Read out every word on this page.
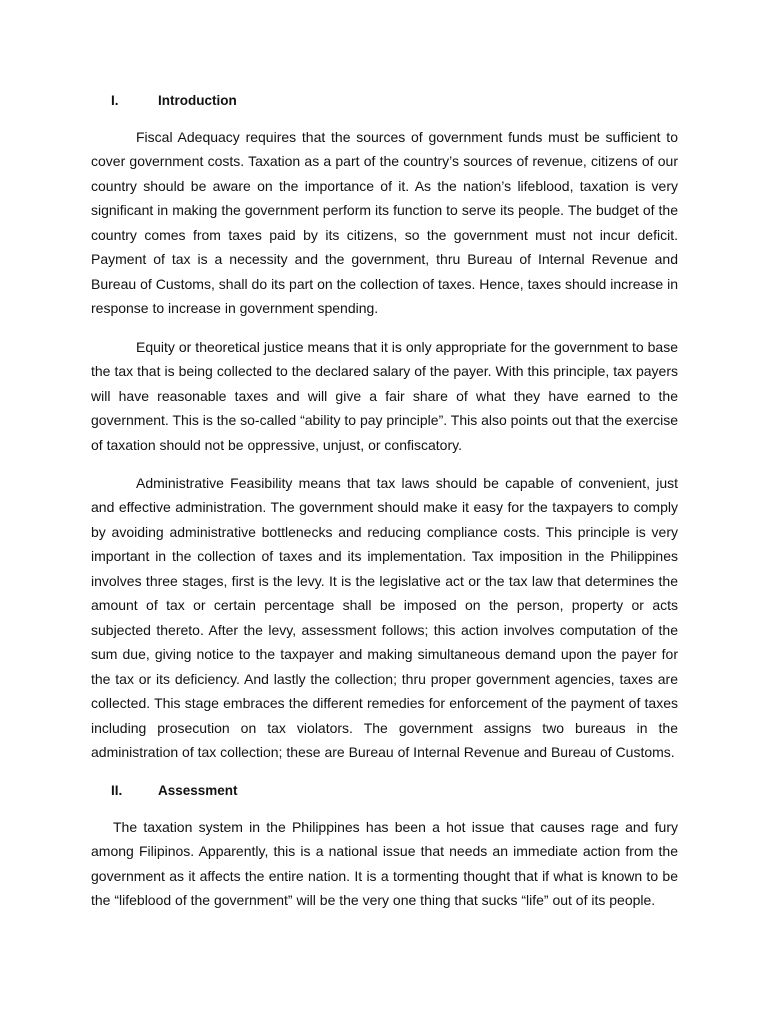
I.	Introduction

Fiscal Adequacy requires that the sources of government funds must be sufficient to cover government costs. Taxation as a part of the country’s sources of revenue, citizens of our country should be aware on the importance of it. As the nation’s lifeblood, taxation is very significant in making the government perform its function to serve its people. The budget of the country comes from taxes paid by its citizens, so the government must not incur deficit. Payment of tax is a necessity and the government, thru Bureau of Internal Revenue and Bureau of Customs, shall do its part on the collection of taxes. Hence, taxes should increase in response to increase in government spending.

Equity or theoretical justice means that it is only appropriate for the government to base the tax that is being collected to the declared salary of the payer. With this principle, tax payers will have reasonable taxes and will give a fair share of what they have earned to the government. This is the so-called “ability to pay principle”. This also points out that the exercise of taxation should not be oppressive, unjust, or confiscatory.

Administrative Feasibility means that tax laws should be capable of convenient, just and effective administration. The government should make it easy for the taxpayers to comply by avoiding administrative bottlenecks and reducing compliance costs. This principle is very important in the collection of taxes and its implementation. Tax imposition in the Philippines involves three stages, first is the levy. It is the legislative act or the tax law that determines the amount of tax or certain percentage shall be imposed on the person, property or acts subjected thereto. After the levy, assessment follows; this action involves computation of the sum due, giving notice to the taxpayer and making simultaneous demand upon the payer for the tax or its deficiency. And lastly the collection; thru proper government agencies, taxes are collected. This stage embraces the different remedies for enforcement of the payment of taxes including prosecution on tax violators. The government assigns two bureaus in the administration of tax collection; these are Bureau of Internal Revenue and Bureau of Customs.

II.	Assessment

The taxation system in the Philippines has been a hot issue that causes rage and fury among Filipinos. Apparently, this is a national issue that needs an immediate action from the government as it affects the entire nation. It is a tormenting thought that if what is known to be the “lifeblood of the government” will be the very one thing that sucks “life” out of its people.
